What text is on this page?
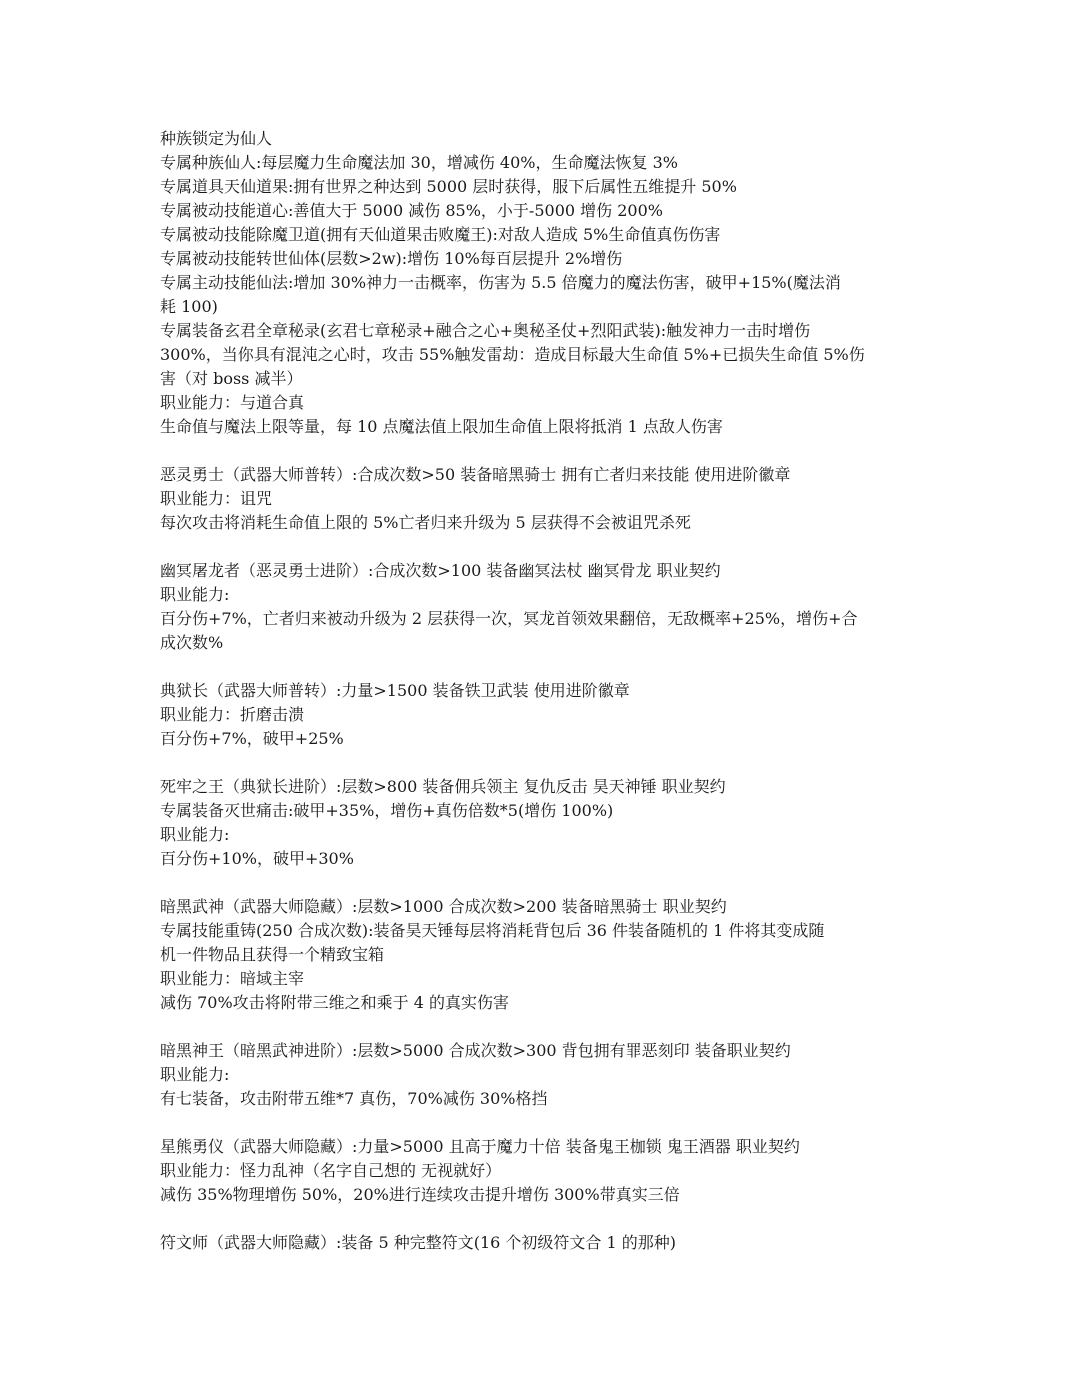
种族锁定为仙人
专属种族仙人:每层魔力生命魔法加 30，增减伤 40%，生命魔法恢复 3%
专属道具天仙道果:拥有世界之种达到 5000 层时获得，服下后属性五维提升 50%
专属被动技能道心:善值大于 5000 减伤 85%，小于-5000 增伤 200%
专属被动技能除魔卫道(拥有天仙道果击败魔王):对敌人造成 5%生命值真伤伤害
专属被动技能转世仙体(层数>2w):增伤 10%每百层提升 2%增伤
专属主动技能仙法:增加 30%神力一击概率，伤害为 5.5 倍魔力的魔法伤害，破甲+15%(魔法消
耗 100)
专属装备玄君全章秘录(玄君七章秘录+融合之心+奥秘圣仗+烈阳武装):触发神力一击时增伤
300%，当你具有混沌之心时，攻击 55%触发雷劫：造成目标最大生命值 5%+已损失生命值 5%伤
害（对 boss 减半）
职业能力：与道合真
生命值与魔法上限等量，每 10 点魔法值上限加生命值上限将抵消 1 点敌人伤害
恶灵勇士（武器大师普转）:合成次数>50 装备暗黑骑士 拥有亡者归来技能 使用进阶徽章
职业能力：诅咒
每次攻击将消耗生命值上限的 5%亡者归来升级为 5 层获得不会被诅咒杀死
幽冥屠龙者（恶灵勇士进阶）:合成次数>100 装备幽冥法杖 幽冥骨龙 职业契约
职业能力:
百分伤+7%，亡者归来被动升级为 2 层获得一次，冥龙首领效果翻倍，无敌概率+25%，增伤+合
成次数%
典狱长（武器大师普转）:力量>1500 装备铁卫武装 使用进阶徽章
职业能力：折磨击溃
百分伤+7%，破甲+25%
死牢之王（典狱长进阶）:层数>800 装备佣兵领主 复仇反击 昊天神锤 职业契约
专属装备灭世痛击:破甲+35%，增伤+真伤倍数*5(增伤 100%)
职业能力:
百分伤+10%，破甲+30%
暗黑武神（武器大师隐藏）:层数>1000 合成次数>200 装备暗黑骑士 职业契约
专属技能重铸(250 合成次数):装备昊天锤每层将消耗背包后 36 件装备随机的 1 件将其变成随
机一件物品且获得一个精致宝箱
职业能力：暗域主宰
减伤 70%攻击将附带三维之和乘于 4 的真实伤害
暗黑神王（暗黑武神进阶）:层数>5000 合成次数>300 背包拥有罪恶刻印 装备职业契约
职业能力:
有七装备，攻击附带五维*7 真伤，70%减伤 30%格挡
星熊勇仪（武器大师隐藏）:力量>5000 且高于魔力十倍 装备鬼王枷锁 鬼王酒器 职业契约
职业能力：怪力乱神（名字自己想的 无视就好）
减伤 35%物理增伤 50%，20%进行连续攻击提升增伤 300%带真实三倍
符文师（武器大师隐藏）:装备 5 种完整符文(16 个初级符文合 1 的那种)
